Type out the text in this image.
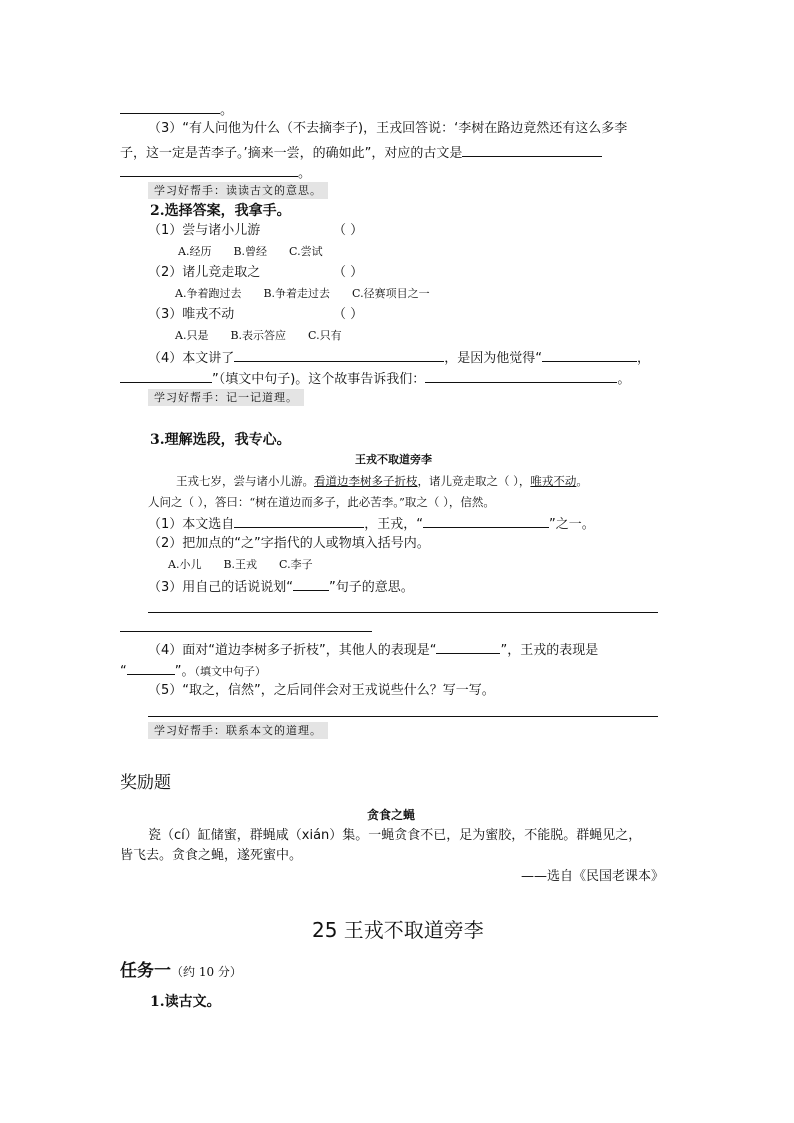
。
（3）“有人问他为什么（不去摘李子)，王戎回答说：‘李树在路边竟然还有这么多李
子，这一定是苦李子。’摘来一尝，的确如此”，对应的古文是
。
学习好帮手：读读古文的意思。
2.选择答案，我拿手。
（1）尝与诸小儿游	（ ）
A.经历 B.曾经 C.尝试
（2）诸儿竞走取之	（ ）
A.争着跑过去 B.争着走过去 C.径赛项目之一
（3）唯戎不动	（ ）
A.只是 B.表示答应 C.只有
（4）本文讲了	，是因为他觉得“	，
”（填文中句子)。这个故事告诉我们：	。
学习好帮手：记一记道理。
3.理解选段，我专心。
王戎不取道旁李
王戎七岁，尝与诸小儿游。看道边李树多子折枝，诸儿竞走取之（ ），唯戎不动。
人问之（ ），答曰：“树在道边而多子，此必苦李。”取之（ ），信然。
（1）本文选自	，王戎，“	”之一。
（2）把加点的“之”字指代的人或物填入括号内。
A.小儿 B.王戎 C.李子
（3）用自己的话说说划“	”句子的意思。
（4）面对“道边李树多子折枝”，其他人的表现是“	”，王戎的表现是
“	”。（填文中句子）
（5）“取之，信然”，之后同伴会对王戎说些什么？写一写。
学习好帮手：联系本文的道理。
奖励题
贪食之蝇
瓷（cí）缸储蜜，群蝇咸（xián）集。一蝇贪食不已，足为蜜胶，不能脱。群蝇见之，
皆飞去。贪食之蝇，遂死蜜中。
——选自《民国老课本》
25 王戎不取道旁李
任务一（约 10 分）
1.读古文。
